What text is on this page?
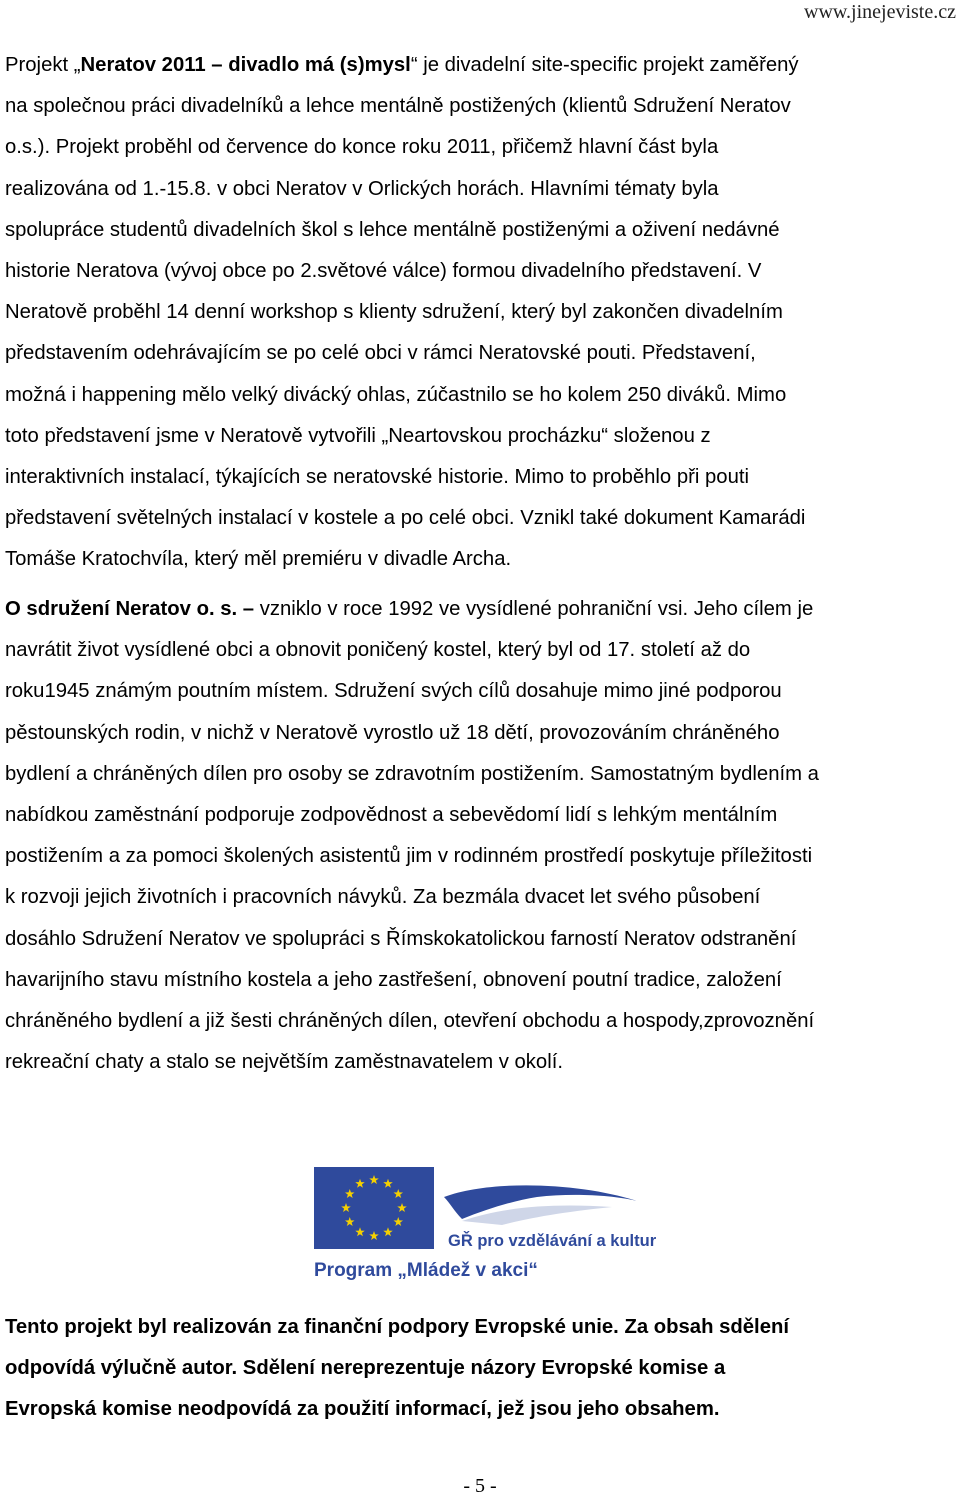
www.jinejeviste.cz
Projekt „Neratov 2011 – divadlo má (s)mysl“ je divadelní site-specific projekt zaměřený
na společnou práci divadelníků a lehce mentálně postižených (klientů Sdružení Neratov
o.s.). Projekt proběhl od července do konce roku 2011, přičemž hlavní část byla
realizována od 1.-15.8. v obci Neratov v Orlických horách. Hlavními tématy byla
spolupráce studentů divadelních škol s lehce mentálně postiženými a oživení nedávné
historie Neratova (vývoj obce po 2.světové válce) formou divadelního představení. V
Neratově proběhl 14 denní workshop s klienty sdružení, který byl zakončen divadelním
představením odehrávajícím se po celé obci v rámci Neratovské pouti. Představení,
možná i happening mělo velký divácký ohlas, zúčastnilo se ho kolem 250 diváků. Mimo
toto představení jsme v Neratově vytvořili „Neartovskou procházku“ složenou z
interaktivních instalací, týkajících se neratovské historie. Mimo to proběhlo při pouti
představení světelných instalací v kostele a po celé obci. Vznikl také dokument Kamarádi
Tomáše Kratochvíla, který měl premiéru v divadle Archa.
O sdružení Neratov o. s. – vzniklo v roce 1992 ve vysídlené pohraniční vsi. Jeho cílem je
navrátit život vysídlené obci a obnovit poničený kostel, který byl od 17. století až do
roku1945 známým poutním místem. Sdružení svých cílů dosahuje mimo jiné podporou
pěstounských rodin, v nichž v Neratově vyrostlo už 18 dětí, provozováním chráněného
bydlení a chráněných dílen pro osoby se zdravotním postižením. Samostatným bydlením a
nabídkou zaměstnání podporuje zodpovědnost a sebevědomí lidí s lehkým mentálním
postižením a za pomoci školených asistentů jim v rodinném prostředí poskytuje příležitosti
k rozvoji jejich životních i pracovních návyků. Za bezmála dvacet let svého působení
dosáhlo Sdružení Neratov ve spolupráci s Římskokatolickou farností Neratov odstranění
havarijního stavu místního kostela a jeho zastřešení, obnovení poutní tradice, založení
chráněného bydlení a již šesti chráněných dílen, otevření obchodu a hospody,zprovoznění
rekreační chaty a stalo se největším zaměstnavatelem v okolí.
GŘ pro vzdělávání a kulturu
Program „Mládež v akci“
Tento projekt byl realizován za finanční podpory Evropské unie. Za obsah sdělení
odpovídá výlučně autor. Sdělení nereprezentuje názory Evropské komise a
Evropská komise neodpovídá za použití informací, jež jsou jeho obsahem.
- 5 -
